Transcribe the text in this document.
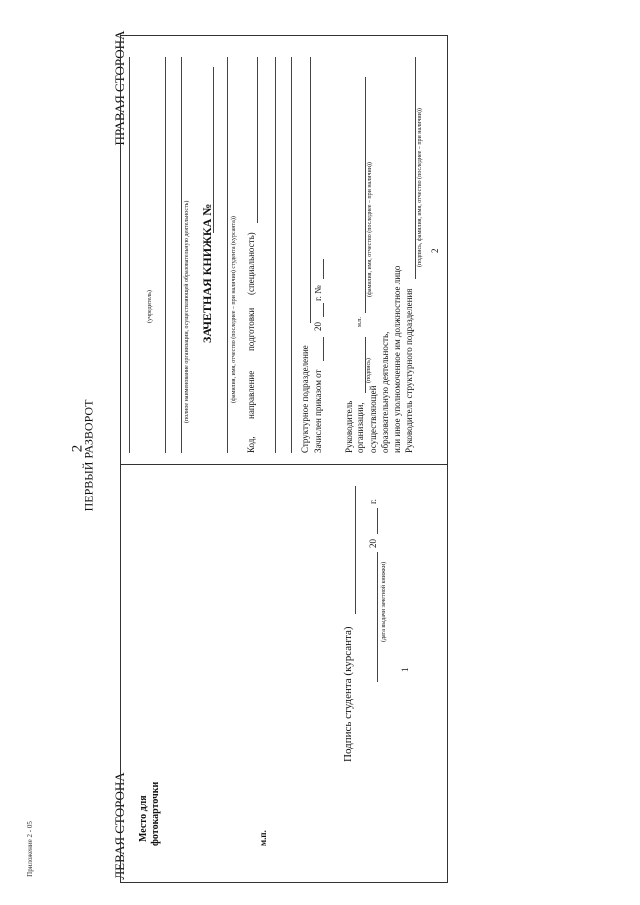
2
ПЕРВЫЙ РАЗВОРОТ
ПРАВАЯ СТОРОНА
ЛЕВАЯ СТОРОНА
Приложение 2 - 05
(учредитель)	(полное наименование организации, осуществляющей образовательную деятельность) ЗАЧЕТНАЯ КНИЖКА №	(фамилия, имя, отчество (последнее – при наличии) студента (курсанта))
Код,
направление
подготовки
(специальность)
Структурное подразделение Зачислен приказом от
20
г. №
Руководитель организации,
(подпись)
м.п.
(фамилия, имя, отчество (последнее – при наличии))
осуществляющей образовательную деятельность, или иное уполномоченное им должностное лицо Руководитель структурного подразделения
(подпись, фамилия, имя, отчество (последнее – при наличии)) 2
Место для фотокарточки	м.п.
Подпись студента (курсанта)
20
г.
(дата выдачи зачетной книжки)
1
